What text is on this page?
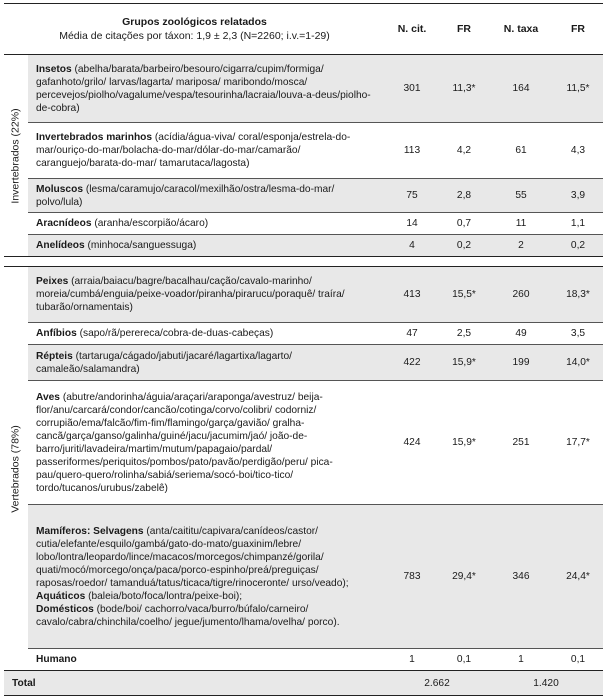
Grupos zoológicos relatados
Média de citações por táxon: 1,9 ± 2,3 (N=2260; i.v.=1-29)		N. cit.	FR	N. taxa	FR

Invertebrados (22%)	Insetos (abelha/barata/barbeiro/besouro/cigarra/cupim/formiga/ gafanhoto/grilo/ larvas/lagarta/ mariposa/ maribondo/mosca/ percevejos/piolho/vagalume/vespa/tesourinha/lacraia/louva-a-deus/piolho-de-cobra)	301	11,3*	164	11,5*
	Invertebrados marinhos (acídia/água-viva/ coral/esponja/estrela-do-mar/ouriço-do-mar/bolacha-do-mar/dólar-do-mar/camarão/ caranguejo/barata-do-mar/ tamarutaca/lagosta)	113	4,2	61	4,3
	Moluscos (lesma/caramujo/caracol/mexilhão/ostra/lesma-do-mar/ polvo/lula)	75	2,8	55	3,9
	Aracnídeos (aranha/escorpião/ácaro)	14	0,7	11	1,1
	Anelídeos (minhoca/sanguessuga)	4	0,2	2	0,2

Vertebrados (78%)	Peixes (arraia/baiacu/bagre/bacalhau/cação/cavalo-marinho/ moreia/cumbá/enguia/peixe-voador/piranha/pirarucu/poraquê/ traíra/ tubarão/ornamentais)	413	15,5*	260	18,3*
	Anfíbios (sapo/rã/perereca/cobra-de-duas-cabeças)	47	2,5	49	3,5
	Répteis (tartaruga/cágado/jabuti/jacaré/lagartixa/lagarto/ camaleão/salamandra)	422	15,9*	199	14,0*
	Aves (abutre/andorinha/águia/araçari/araponga/avestruz/ beija-flor/anu/carcará/condor/cancão/cotinga/corvo/colibri/ codorniz/ corrupião/ema/falcão/fim-fim/flamingo/garça/gavião/ gralha-cancã/garça/ganso/galinha/guiné/jacu/jacumim/jaó/ joão-de-barro/juriti/lavadeira/martim/mutum/papagaio/pardal/ passeriformes/periquitos/pombos/pato/pavão/perdigão/peru/ pica-pau/quero-quero/rolinha/sabiá/seriema/socó-boi/tico-tico/ tordo/tucanos/urubus/zabelê)	424	15,9*	251	17,7*
	Mamíferos: Selvagens (anta/caititu/capivara/canídeos/castor/ cutia/elefante/esquilo/gambá/gato-do-mato/guaxinim/lebre/ lobo/lontra/leopardo/lince/macacos/morcegos/chimpanzé/gorila/ quati/mocó/morcego/onça/paca/porco-espinho/preá/preguiças/ raposas/roedor/ tamanduá/tatus/ticaca/tigre/rinoceronte/ urso/veado); Aquáticos (baleia/boto/foca/lontra/peixe-boi);
Domésticos (bode/boi/ cachorro/vaca/burro/búfalo/carneiro/ cavalo/cabra/chinchila/coelho/ jegue/jumento/lhama/ovelha/ porco).	783	29,4*	346	24,4*
	Humano	1	0,1	1	0,1
Total		2.662		1.420	
